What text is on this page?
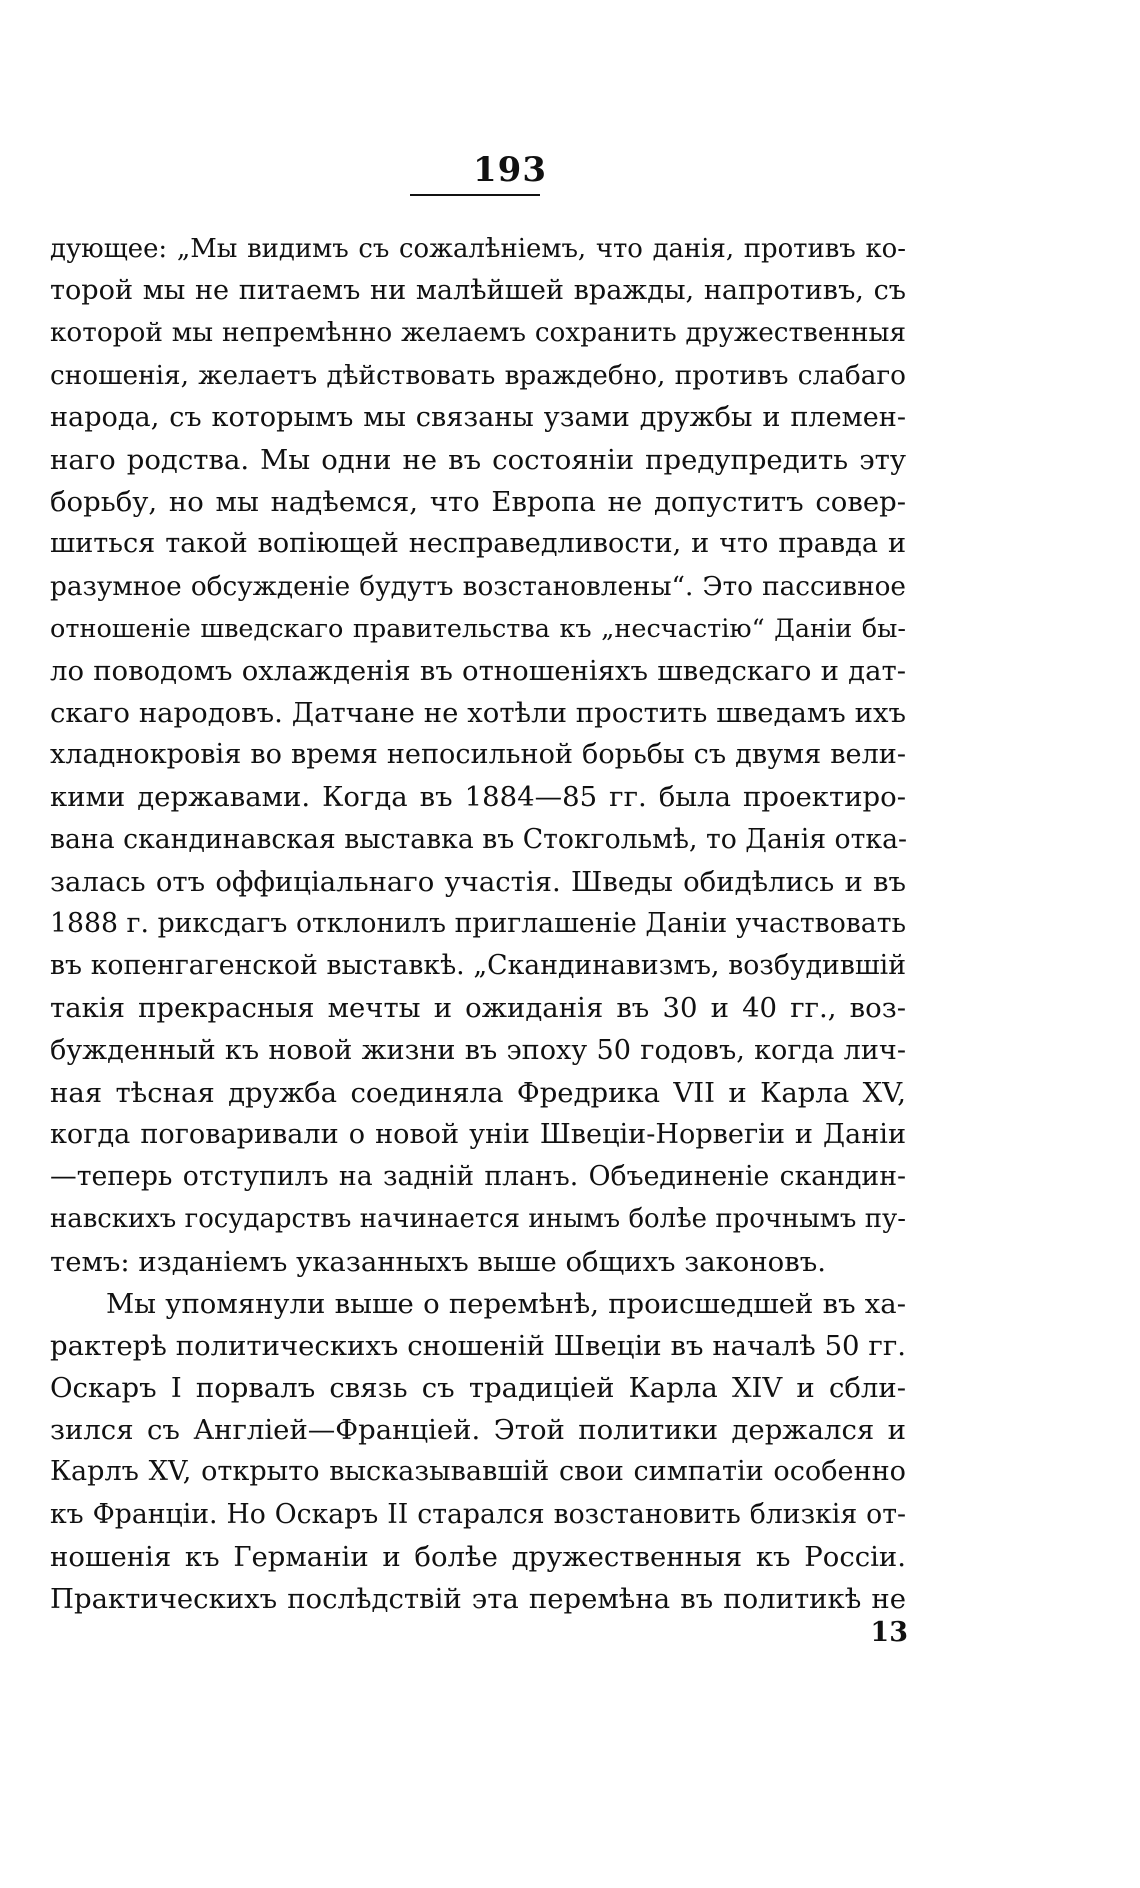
193
дующее: „Мы видимъ съ сожалѣніемъ, что данія, противъ ко-
торой мы не питаемъ ни малѣйшей вражды, напротивъ, съ
которой мы непремѣнно желаемъ сохранить дружественныя
сношенія, желаетъ дѣйствовать враждебно, противъ слабаго
народа, съ которымъ мы связаны узами дружбы и племен-
наго родства. Мы одни не въ состояніи предупредить эту
борьбу, но мы надѣемся, что Европа не допуститъ совер-
шиться такой вопіющей несправедливости, и что правда и
разумное обсужденіе будутъ возстановлены“. Это пассивное
отношеніе шведскаго правительства къ „несчастію“ Даніи бы-
ло поводомъ охлажденія въ отношеніяхъ шведскаго и дат-
скаго народовъ. Датчане не хотѣли простить шведамъ ихъ
хладнокровія во время непосильной борьбы съ двумя вели-
кими державами. Когда въ 1884—85 гг. была проектиро-
вана скандинавская выставка въ Стокгольмѣ, то Данія отка-
залась отъ оффиціальнаго участія. Шведы обидѣлись и въ
1888 г. риксдагъ отклонилъ приглашеніе Даніи участвовать
въ копенгагенской выставкѣ. „Скандинавизмъ, возбудившій
такія прекрасныя мечты и ожиданія въ 30 и 40 гг., воз-
бужденный къ новой жизни въ эпоху 50 годовъ, когда лич-
ная тѣсная дружба соединяла Фредрика VII и Карла XV,
когда поговаривали о новой уніи Швеціи-Норвегіи и Даніи
—теперь отступилъ на задній планъ. Объединеніе скандин-
навскихъ государствъ начинается инымъ болѣе прочнымъ пу-
темъ: изданіемъ указанныхъ выше общихъ законовъ.
Мы упомянули выше о перемѣнѣ, происшедшей въ ха-
рактерѣ политическихъ сношеній Швеціи въ началѣ 50 гг.
Оскаръ I порвалъ связь съ традиціей Карла XIV и сбли-
зился съ Англіей—Франціей. Этой политики держался и
Карлъ XV, открыто высказывавшій свои симпатіи особенно
къ Франціи. Но Оскаръ II старался возстановить близкія от-
ношенія къ Германіи и болѣе дружественныя къ Россіи.
Практическихъ послѣдствій эта перемѣна въ политикѣ не
13
